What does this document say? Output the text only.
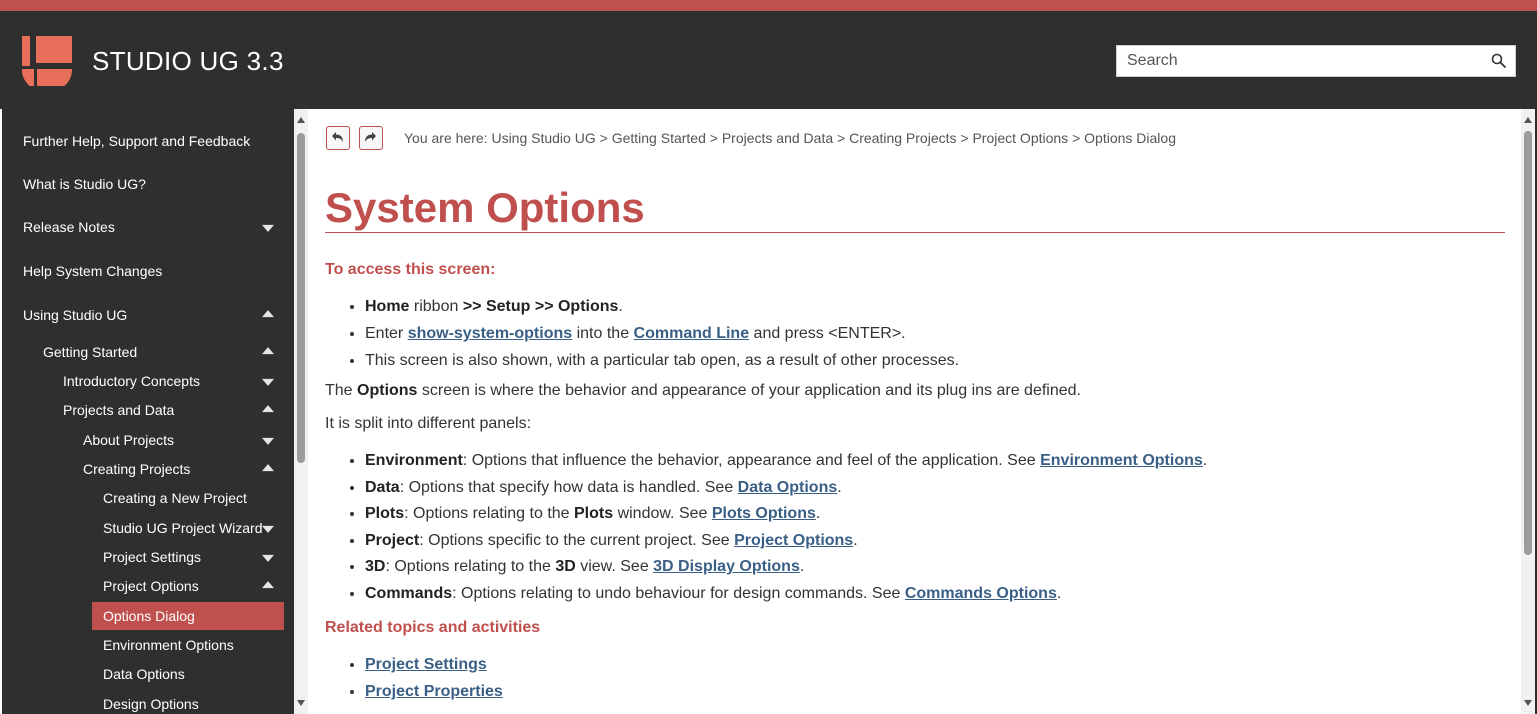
STUDIO UG 3.3
Search
Further Help, Support and Feedback
What is Studio UG?
Release Notes
Help System Changes
Using Studio UG
Getting Started
Introductory Concepts
Projects and Data
About Projects
Creating Projects
Creating a New Project
Studio UG Project Wizard
Project Settings
Project Options
Options Dialog
Environment Options
Data Options
Design Options
You are here: Using Studio UG > Getting Started > Projects and Data > Creating Projects > Project Options > Options Dialog
System Options
To access this screen:
• Home ribbon >> Setup >> Options.
• Enter show-system-options into the Command Line and press <ENTER>.
• This screen is also shown, with a particular tab open, as a result of other processes.
The Options screen is where the behavior and appearance of your application and its plug ins are defined.
It is split into different panels:
• Environment: Options that influence the behavior, appearance and feel of the application. See Environment Options.
• Data: Options that specify how data is handled. See Data Options.
• Plots: Options relating to the Plots window. See Plots Options.
• Project: Options specific to the current project. See Project Options.
• 3D: Options relating to the 3D view. See 3D Display Options.
• Commands: Options relating to undo behaviour for design commands. See Commands Options.
Related topics and activities
• Project Settings
• Project Properties
